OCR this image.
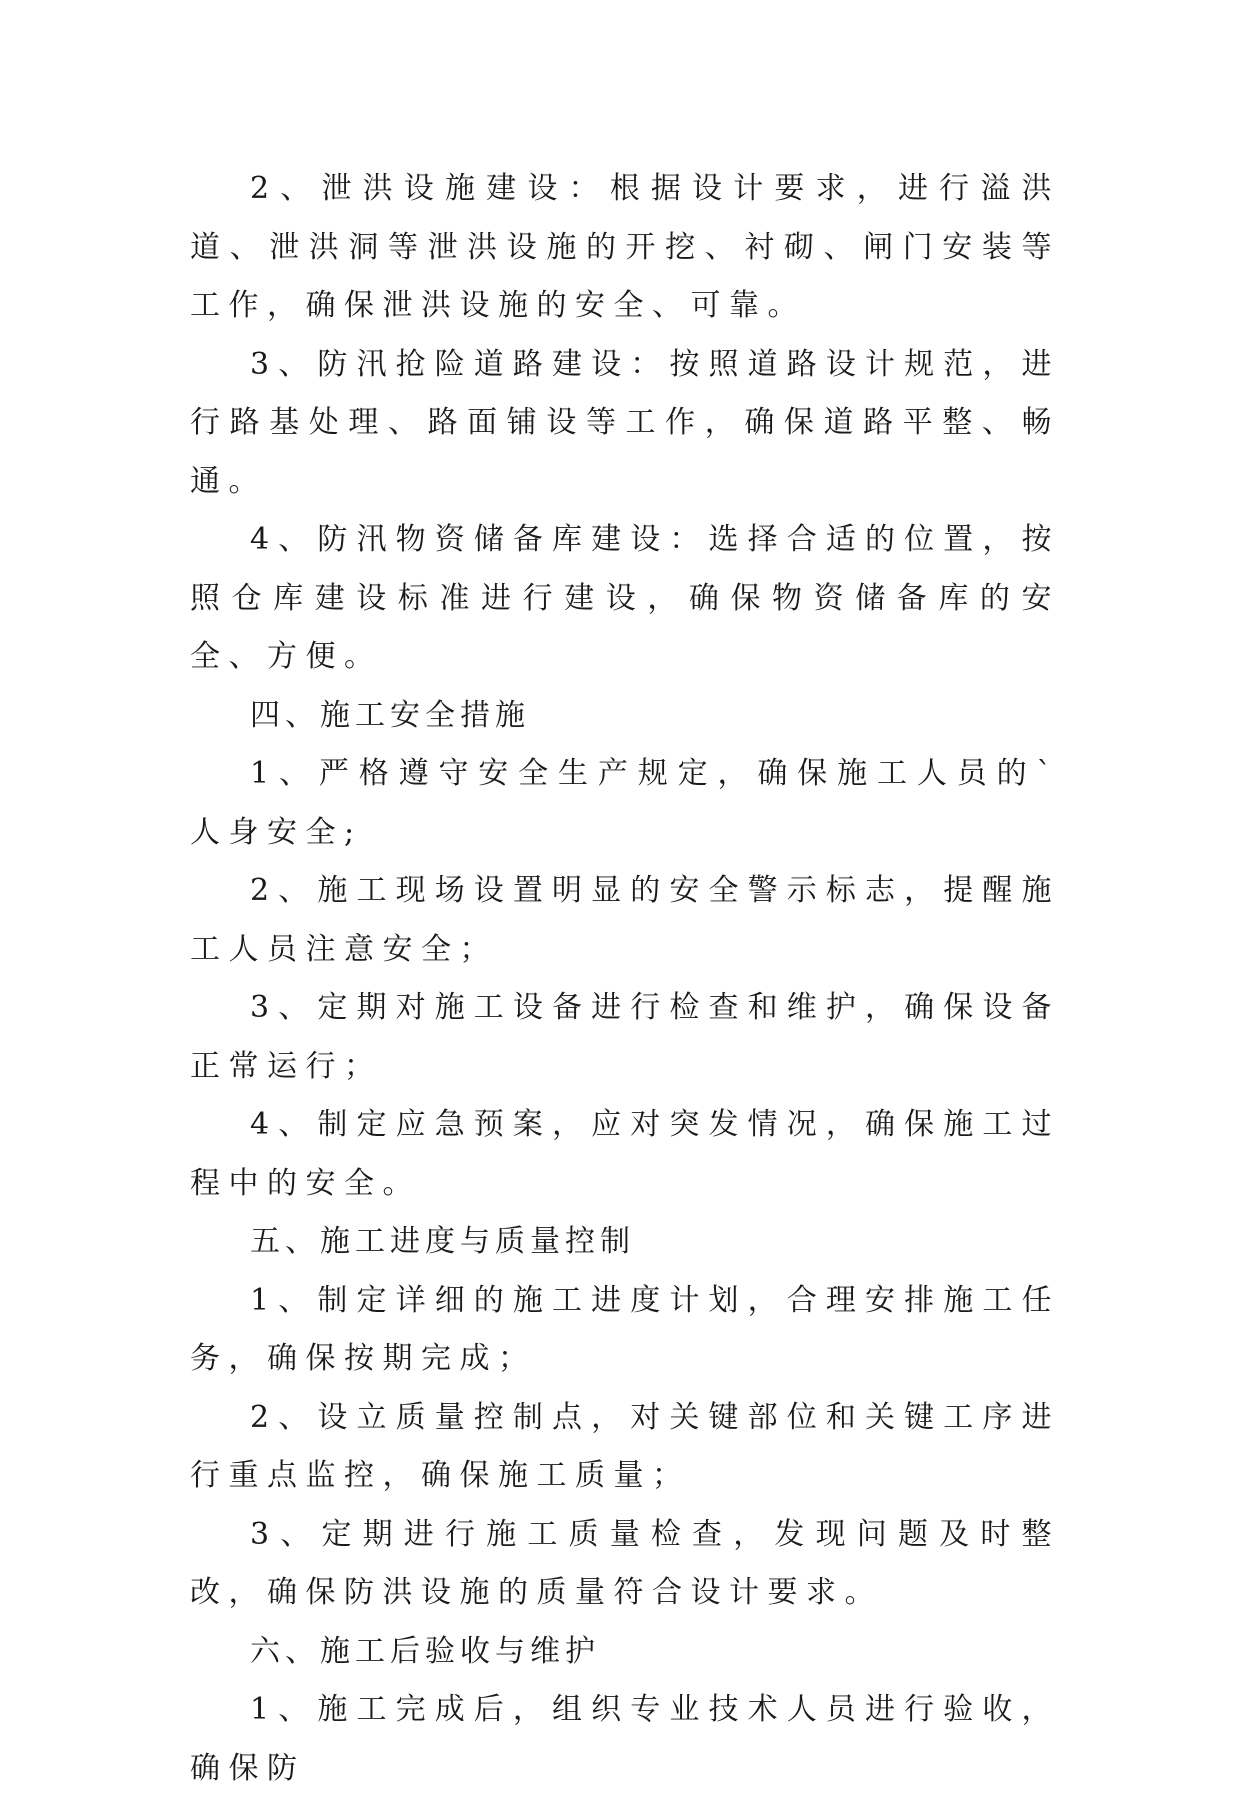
2、泄洪设施建设：根据设计要求，进行溢洪道、泄洪洞等泄洪设施的开挖、衬砌、闸门安装等工作，确保泄洪设施的安全、可靠。

3、防汛抢险道路建设：按照道路设计规范，进行路基处理、路面铺设等工作，确保道路平整、畅通。

4、防汛物资储备库建设：选择合适的位置，按照仓库建设标准进行建设，确保物资储备库的安全、方便。

四、施工安全措施

1、严格遵守安全生产规定，确保施工人员的`人身安全;

2、施工现场设置明显的安全警示标志，提醒施工人员注意安全；

3、定期对施工设备进行检查和维护，确保设备正常运行；

4、制定应急预案，应对突发情况，确保施工过程中的安全。

五、施工进度与质量控制

1、制定详细的施工进度计划，合理安排施工任务，确保按期完成；

2、设立质量控制点，对关键部位和关键工序进行重点监控，确保施工质量；

3、定期进行施工质量检查，发现问题及时整改，确保防洪设施的质量符合设计要求。

六、施工后验收与维护

1、施工完成后，组织专业技术人员进行验收，确保防
